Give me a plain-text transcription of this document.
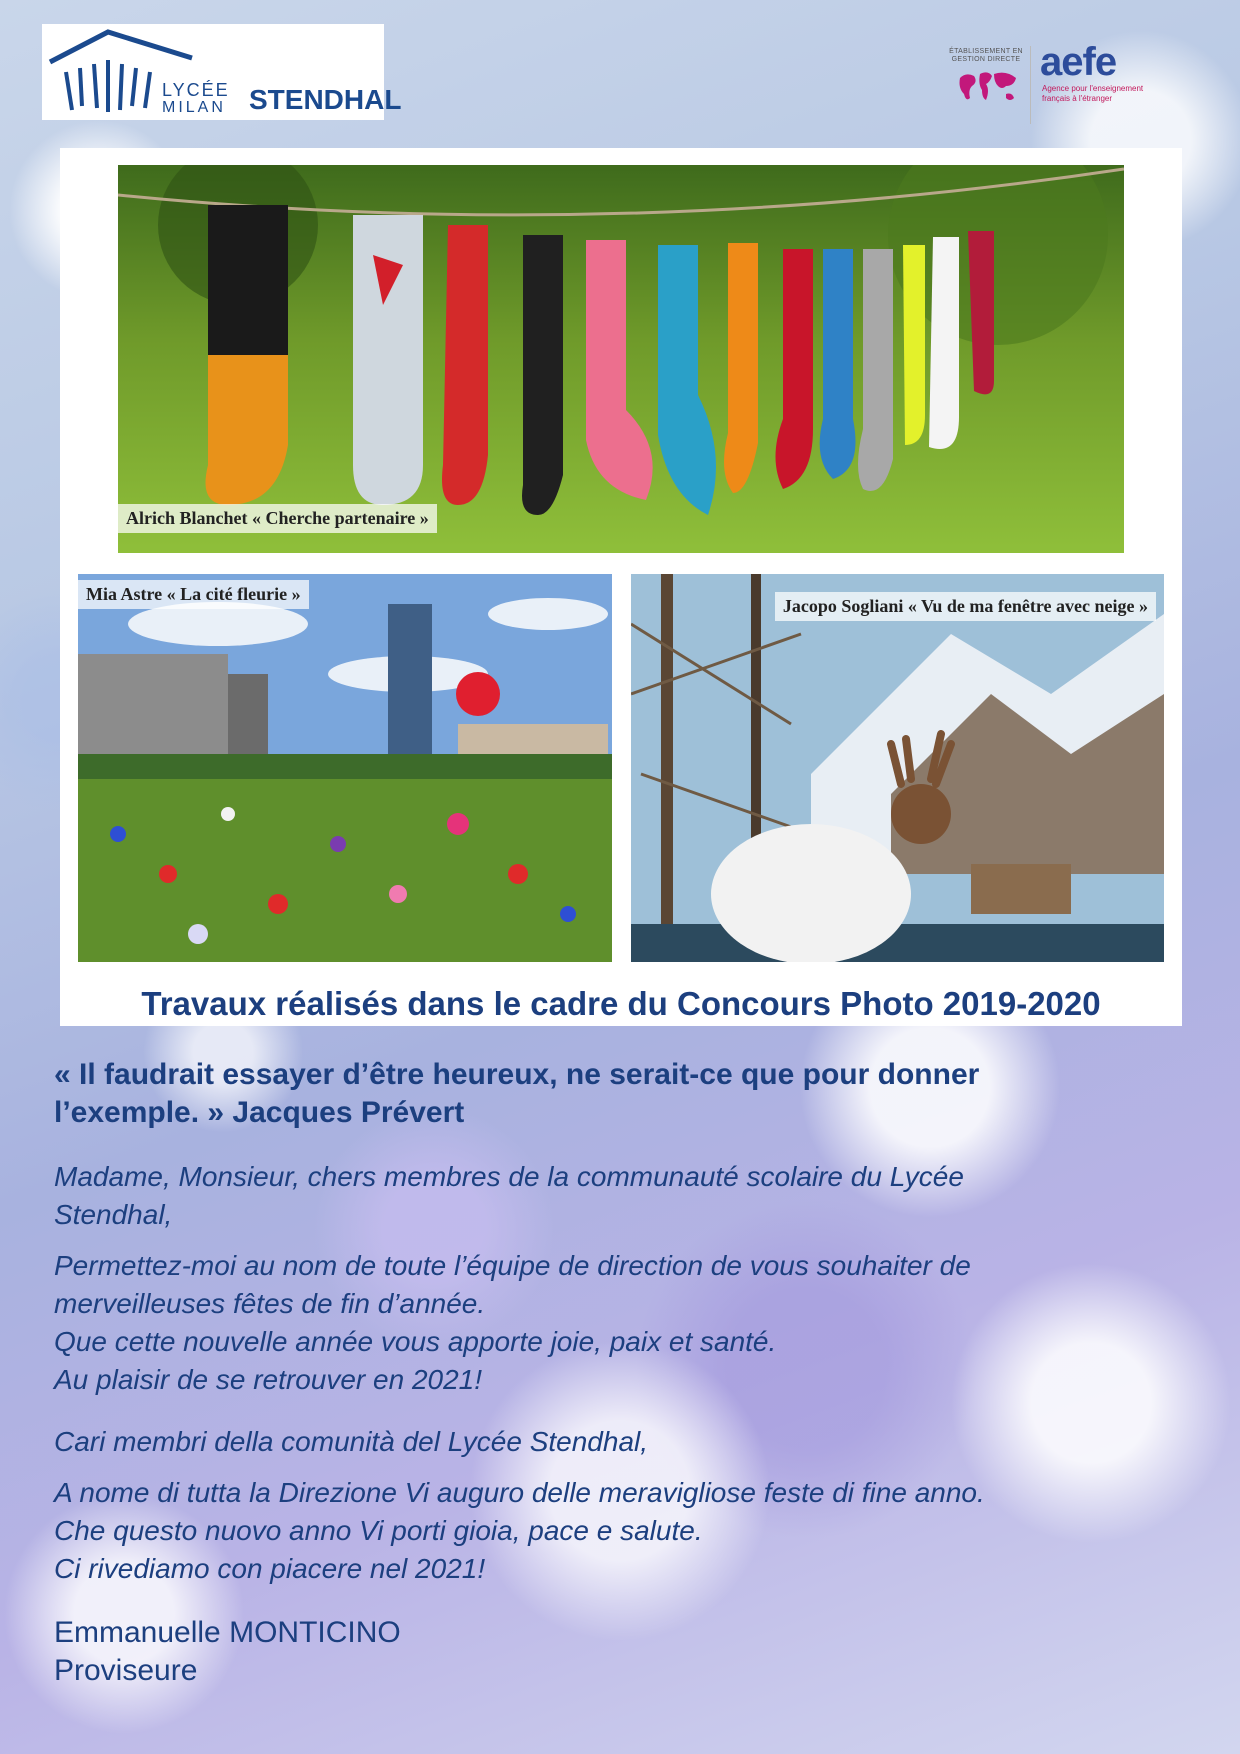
LYCÉE
MILAN STENDHAL
ÉTABLISSEMENT EN GESTION DIRECTE aefe
Agence pour l'enseignement français à l'étranger
Alrich Blanchet « Cherche partenaire »
Mia Astre « La cité fleurie »
Jacopo Sogliani « Vu de ma fenêtre avec neige »
Travaux réalisés dans le cadre du Concours Photo 2019-2020
« Il faudrait essayer d’être heureux, ne serait-ce que pour donner
l’exemple. » Jacques Prévert
Madame, Monsieur, chers membres de la communauté scolaire du Lycée
Stendhal,
Permettez-moi au nom de toute l’équipe de direction de vous souhaiter de
merveilleuses fêtes de fin d’année.
Que cette nouvelle année vous apporte joie, paix et santé.
Au plaisir de se retrouver en 2021!
Cari membri della comunità del Lycée Stendhal,
A nome di tutta la Direzione Vi auguro delle meravigliose feste di fine anno.
Che questo nuovo anno Vi porti gioia, pace e salute.
Ci rivediamo con piacere nel 2021!
Emmanuelle MONTICINO
Proviseure
